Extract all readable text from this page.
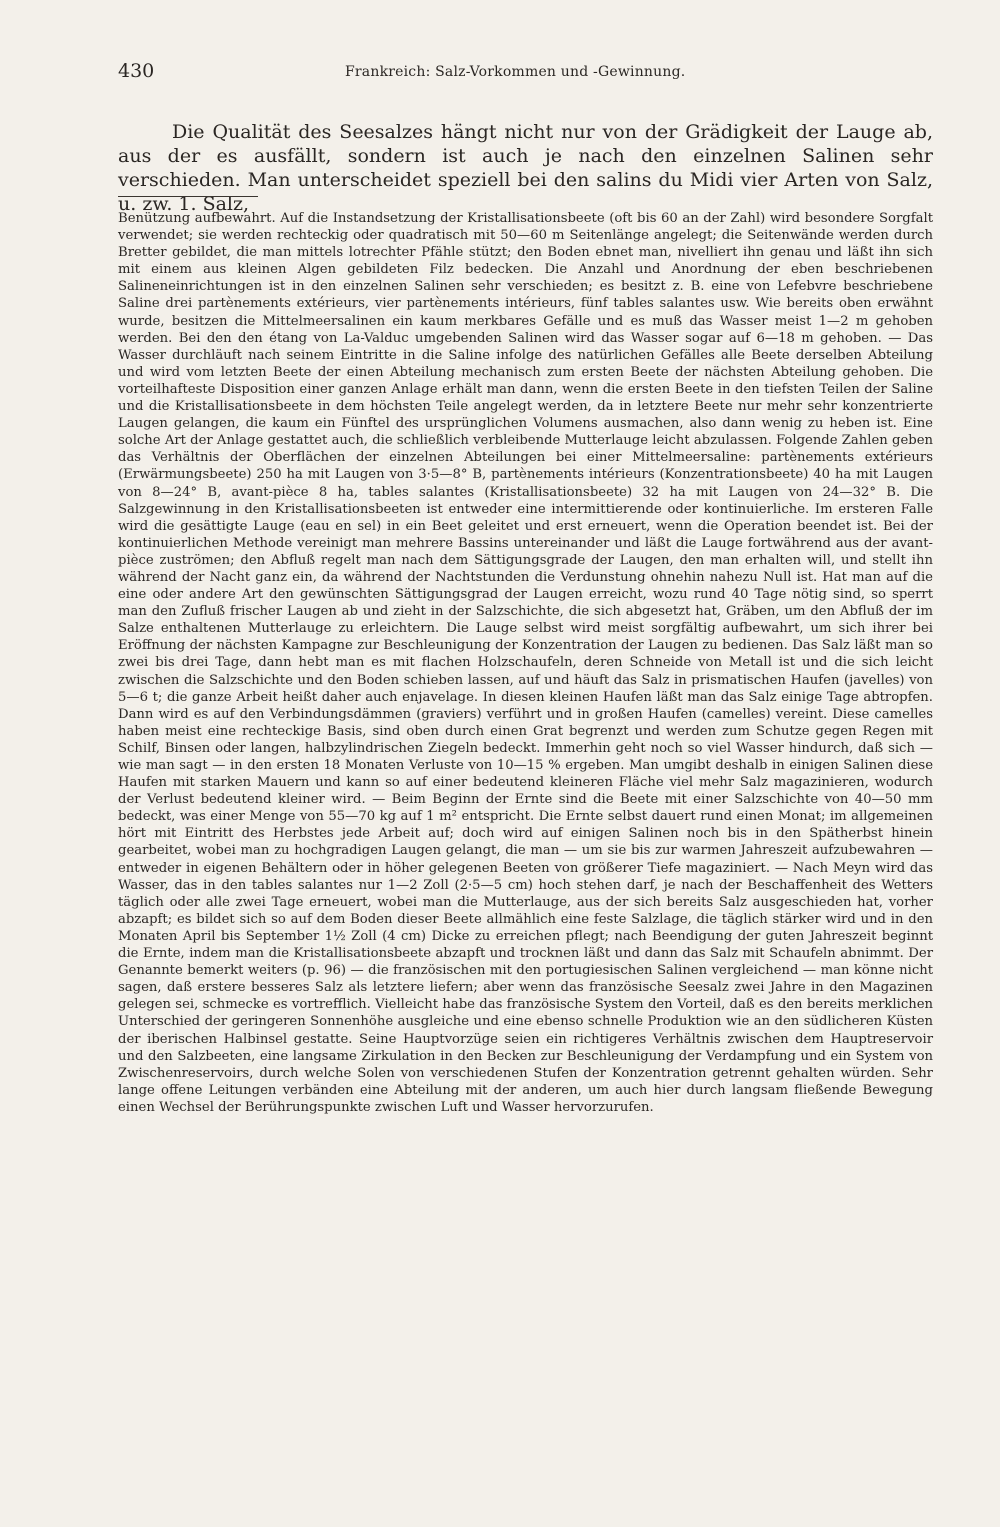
430	Frankreich: Salz-Vorkommen und -Gewinnung.

Die Qualität des Seesalzes hängt nicht nur von der Grädigkeit der Lauge ab, aus der es ausfällt, sondern ist auch je nach den einzelnen Salinen sehr verschieden. Man unterscheidet speziell bei den salins du Midi vier Arten von Salz, u. zw. 1. Salz,

Benützung aufbewahrt. Auf die Instandsetzung der Kristallisationsbeete (oft bis 60 an der Zahl) wird besondere Sorgfalt verwendet; sie werden rechteckig oder quadratisch mit 50—60 m Seitenlänge angelegt; die Seitenwände werden durch Bretter gebildet, die man mittels lotrechter Pfähle stützt; den Boden ebnet man, nivelliert ihn genau und läßt ihn sich mit einem aus kleinen Algen gebildeten Filz bedecken. Die Anzahl und Anordnung der eben beschriebenen Salineneinrichtungen ist in den einzelnen Salinen sehr verschieden; es besitzt z. B. eine von Lefebvre beschriebene Saline drei partènements extérieurs, vier partènements intérieurs, fünf tables salantes usw. Wie bereits oben erwähnt wurde, besitzen die Mittelmeersalinen ein kaum merkbares Gefälle und es muß das Wasser meist 1—2 m gehoben werden. Bei den den étang von La-Valduc umgebenden Salinen wird das Wasser sogar auf 6—18 m gehoben. — Das Wasser durchläuft nach seinem Eintritte in die Saline infolge des natürlichen Gefälles alle Beete derselben Abteilung und wird vom letzten Beete der einen Abteilung mechanisch zum ersten Beete der nächsten Abteilung gehoben. Die vorteilhafteste Disposition einer ganzen Anlage erhält man dann, wenn die ersten Beete in den tiefsten Teilen der Saline und die Kristallisationsbeete in dem höchsten Teile angelegt werden, da in letztere Beete nur mehr sehr konzentrierte Laugen gelangen, die kaum ein Fünftel des ursprünglichen Volumens ausmachen, also dann wenig zu heben ist. Eine solche Art der Anlage gestattet auch, die schließlich verbleibende Mutterlauge leicht abzulassen. Folgende Zahlen geben das Verhältnis der Oberflächen der einzelnen Abteilungen bei einer Mittelmeersaline: partènements extérieurs (Erwärmungsbeete) 250 ha mit Laugen von 3·5—8° B, partènements intérieurs (Konzentrationsbeete) 40 ha mit Laugen von 8—24° B, avant-pièce 8 ha, tables salantes (Kristallisationsbeete) 32 ha mit Laugen von 24—32° B. Die Salzgewinnung in den Kristallisationsbeeten ist entweder eine intermittierende oder kontinuierliche. Im ersteren Falle wird die gesättigte Lauge (eau en sel) in ein Beet geleitet und erst erneuert, wenn die Operation beendet ist. Bei der kontinuierlichen Methode vereinigt man mehrere Bassins untereinander und läßt die Lauge fortwährend aus der avant-pièce zuströmen; den Abfluß regelt man nach dem Sättigungsgrade der Laugen, den man erhalten will, und stellt ihn während der Nacht ganz ein, da während der Nachtstunden die Verdunstung ohnehin nahezu Null ist. Hat man auf die eine oder andere Art den gewünschten Sättigungsgrad der Laugen erreicht, wozu rund 40 Tage nötig sind, so sperrt man den Zufluß frischer Laugen ab und zieht in der Salzschichte, die sich abgesetzt hat, Gräben, um den Abfluß der im Salze enthaltenen Mutterlauge zu erleichtern. Die Lauge selbst wird meist sorgfältig aufbewahrt, um sich ihrer bei Eröffnung der nächsten Kampagne zur Beschleunigung der Konzentration der Laugen zu bedienen. Das Salz läßt man so zwei bis drei Tage, dann hebt man es mit flachen Holzschaufeln, deren Schneide von Metall ist und die sich leicht zwischen die Salzschichte und den Boden schieben lassen, auf und häuft das Salz in prismatischen Haufen (javelles) von 5—6 t; die ganze Arbeit heißt daher auch enjavelage. In diesen kleinen Haufen läßt man das Salz einige Tage abtropfen. Dann wird es auf den Verbindungsdämmen (graviers) verführt und in großen Haufen (camelles) vereint. Diese camelles haben meist eine rechteckige Basis, sind oben durch einen Grat begrenzt und werden zum Schutze gegen Regen mit Schilf, Binsen oder langen, halbzylindrischen Ziegeln bedeckt. Immerhin geht noch so viel Wasser hindurch, daß sich — wie man sagt — in den ersten 18 Monaten Verluste von 10—15 % ergeben. Man umgibt deshalb in einigen Salinen diese Haufen mit starken Mauern und kann so auf einer bedeutend kleineren Fläche viel mehr Salz magazinieren, wodurch der Verlust bedeutend kleiner wird. — Beim Beginn der Ernte sind die Beete mit einer Salzschichte von 40—50 mm bedeckt, was einer Menge von 55—70 kg auf 1 m² entspricht. Die Ernte selbst dauert rund einen Monat; im allgemeinen hört mit Eintritt des Herbstes jede Arbeit auf; doch wird auf einigen Salinen noch bis in den Spätherbst hinein gearbeitet, wobei man zu hochgradigen Laugen gelangt, die man — um sie bis zur warmen Jahreszeit aufzubewahren — entweder in eigenen Behältern oder in höher gelegenen Beeten von größerer Tiefe magaziniert. — Nach Meyn wird das Wasser, das in den tables salantes nur 1—2 Zoll (2·5—5 cm) hoch stehen darf, je nach der Beschaffenheit des Wetters täglich oder alle zwei Tage erneuert, wobei man die Mutterlauge, aus der sich bereits Salz ausgeschieden hat, vorher abzapft; es bildet sich so auf dem Boden dieser Beete allmählich eine feste Salzlage, die täglich stärker wird und in den Monaten April bis September 1½ Zoll (4 cm) Dicke zu erreichen pflegt; nach Beendigung der guten Jahreszeit beginnt die Ernte, indem man die Kristallisationsbeete abzapft und trocknen läßt und dann das Salz mit Schaufeln abnimmt. Der Genannte bemerkt weiters (p. 96) — die französischen mit den portugiesischen Salinen vergleichend — man könne nicht sagen, daß erstere besseres Salz als letztere liefern; aber wenn das französische Seesalz zwei Jahre in den Magazinen gelegen sei, schmecke es vortrefflich. Vielleicht habe das französische System den Vorteil, daß es den bereits merklichen Unterschied der geringeren Sonnenhöhe ausgleiche und eine ebenso schnelle Produktion wie an den südlicheren Küsten der iberischen Halbinsel gestatte. Seine Hauptvorzüge seien ein richtigeres Verhältnis zwischen dem Hauptreservoir und den Salzbeeten, eine langsame Zirkulation in den Becken zur Beschleunigung der Verdampfung und ein System von Zwischenreservoirs, durch welche Solen von verschiedenen Stufen der Konzentration getrennt gehalten würden. Sehr lange offene Leitungen verbänden eine Abteilung mit der anderen, um auch hier durch langsam fließende Bewegung einen Wechsel der Berührungspunkte zwischen Luft und Wasser hervorzurufen.
